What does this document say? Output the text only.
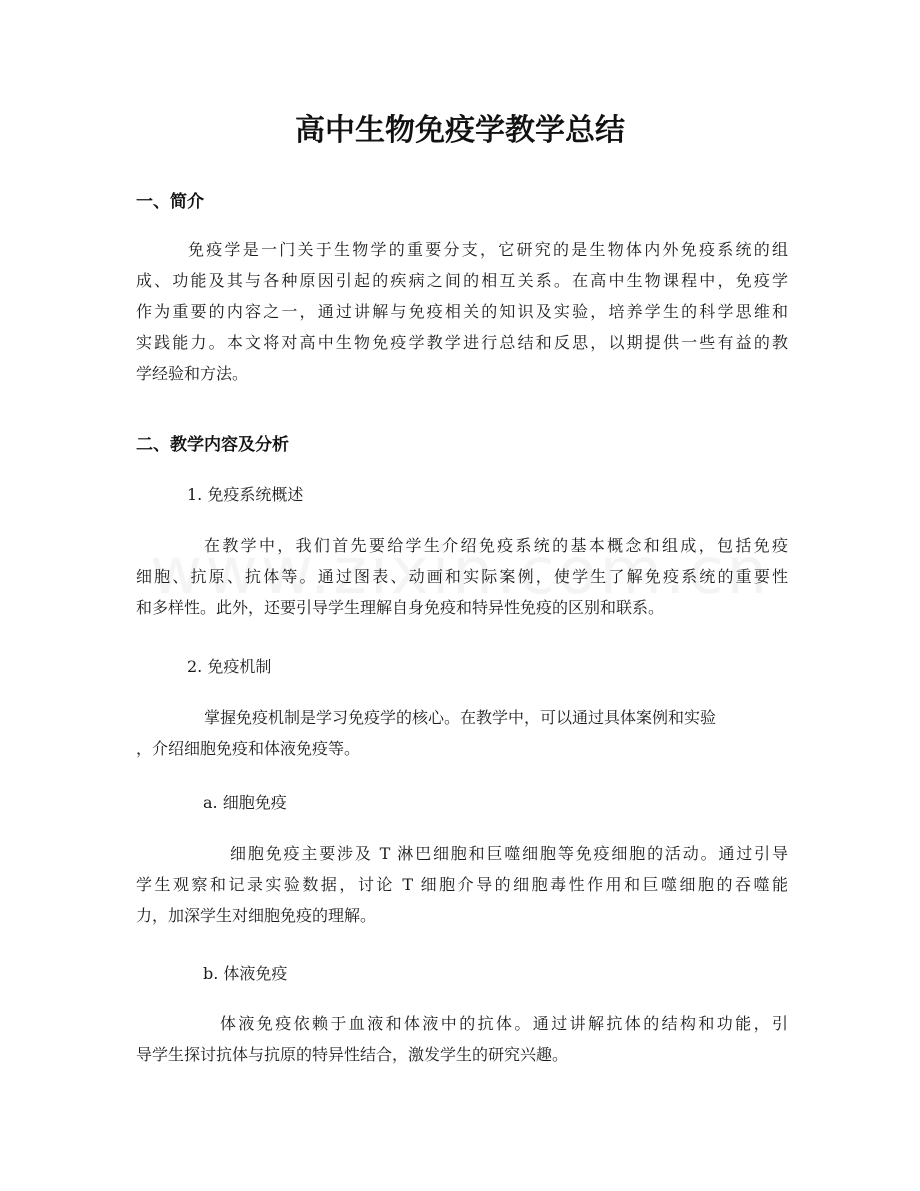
高中生物免疫学教学总结
一、简介
免疫学是一门关于生物学的重要分支，它研究的是生物体内外免疫系统的组
成、功能及其与各种原因引起的疾病之间的相互关系。在高中生物课程中，免疫学
作为重要的内容之一，通过讲解与免疫相关的知识及实验，培养学生的科学思维和
实践能力。本文将对高中生物免疫学教学进行总结和反思，以期提供一些有益的教
学经验和方法。
二、教学内容及分析
1. 免疫系统概述
在教学中，我们首先要给学生介绍免疫系统的基本概念和组成，包括免疫
细胞、抗原、抗体等。通过图表、动画和实际案例，使学生了解免疫系统的重要性
和多样性。此外，还要引导学生理解自身免疫和特异性免疫的区别和联系。
2. 免疫机制
掌握免疫机制是学习免疫学的核心。在教学中，可以通过具体案例和实验
，介绍细胞免疫和体液免疫等。
a. 细胞免疫
细胞免疫主要涉及 T 淋巴细胞和巨噬细胞等免疫细胞的活动。通过引导
学生观察和记录实验数据，讨论 T 细胞介导的细胞毒性作用和巨噬细胞的吞噬能
力，加深学生对细胞免疫的理解。
b. 体液免疫
体液免疫依赖于血液和体液中的抗体。通过讲解抗体的结构和功能，引
导学生探讨抗体与抗原的特异性结合，激发学生的研究兴趣。
